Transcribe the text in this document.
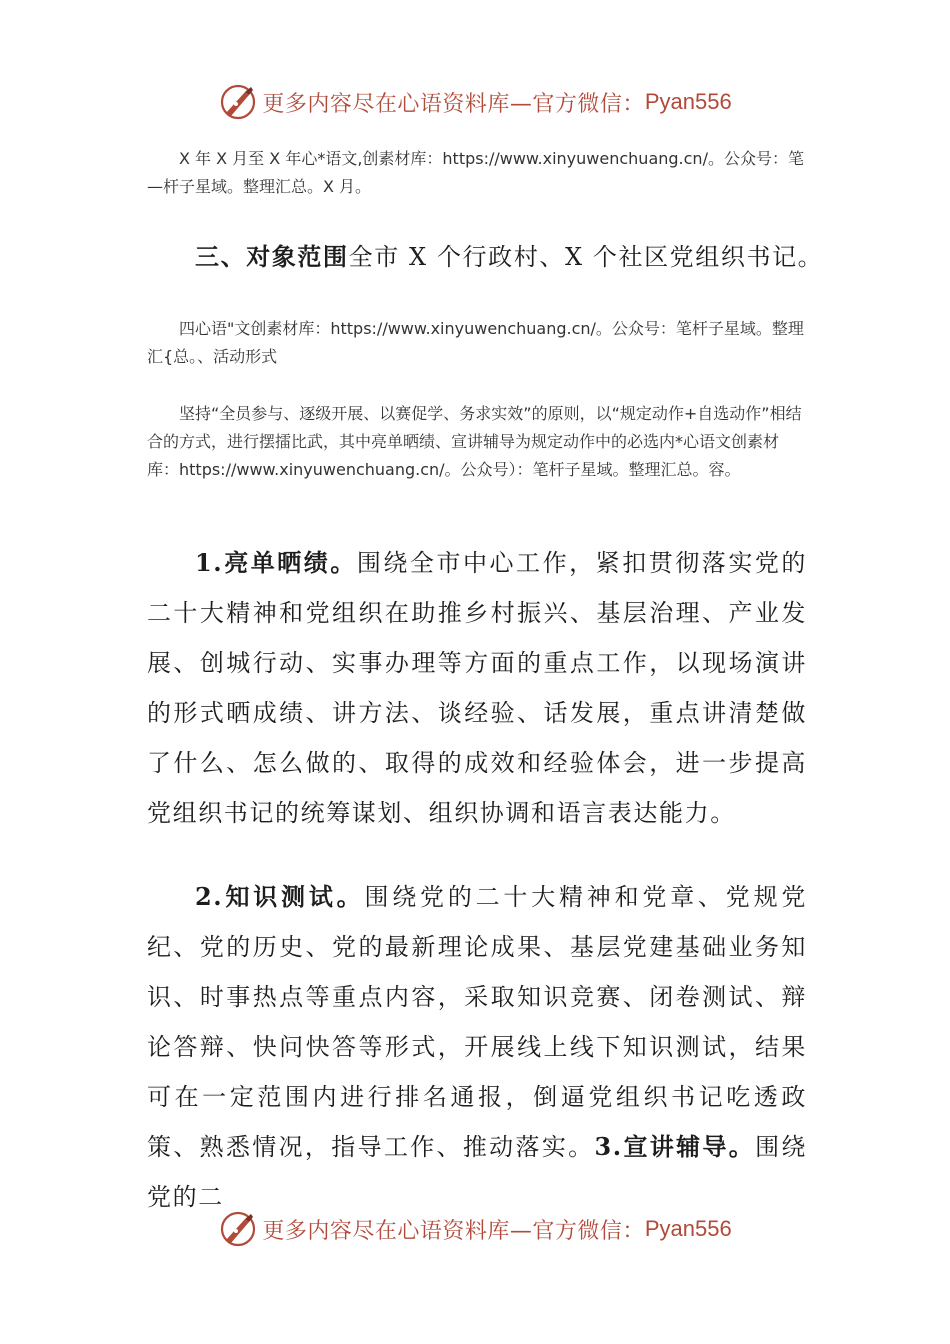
更多内容尽在心语资料库—官方微信： Pyan556

X 年 X 月至 X 年心*语文,创素材库：https://www.xinyuwenchuang.cn/。公众号：笔—杆子星域。整理汇总。X 月。

三、对象范围全市 X 个行政村、X 个社区党组织书记。

四心语"文创素材库：https://www.xinyuwenchuang.cn/。公众号：笔杆子星域。整理汇{总。、活动形式

坚持“全员参与、逐级开展、以赛促学、务求实效”的原则，以“规定动作+自选动作”相结合的方式，进行摆擂比武，其中亮单晒绩、宣讲辅导为规定动作中的必选内*心语文创素材库：https://www.xinyuwenchuang.cn/。公众号）：笔杆子星域。整理汇总。容。

1.亮单晒绩。围绕全市中心工作，紧扣贯彻落实党的二十大精神和党组织在助推乡村振兴、基层治理、产业发展、创城行动、实事办理等方面的重点工作，以现场演讲的形式晒成绩、讲方法、谈经验、话发展，重点讲清楚做了什么、怎么做的、取得的成效和经验体会，进一步提高党组织书记的统筹谋划、组织协调和语言表达能力。

2.知识测试。围绕党的二十大精神和党章、党规党纪、党的历史、党的最新理论成果、基层党建基础业务知识、时事热点等重点内容，采取知识竞赛、闭卷测试、辩论答辩、快问快答等形式，开展线上线下知识测试，结果可在一定范围内进行排名通报，倒逼党组织书记吃透政策、熟悉情况，指导工作、推动落实。3.宣讲辅导。围绕党的二

更多内容尽在心语资料库—官方微信： Pyan556
